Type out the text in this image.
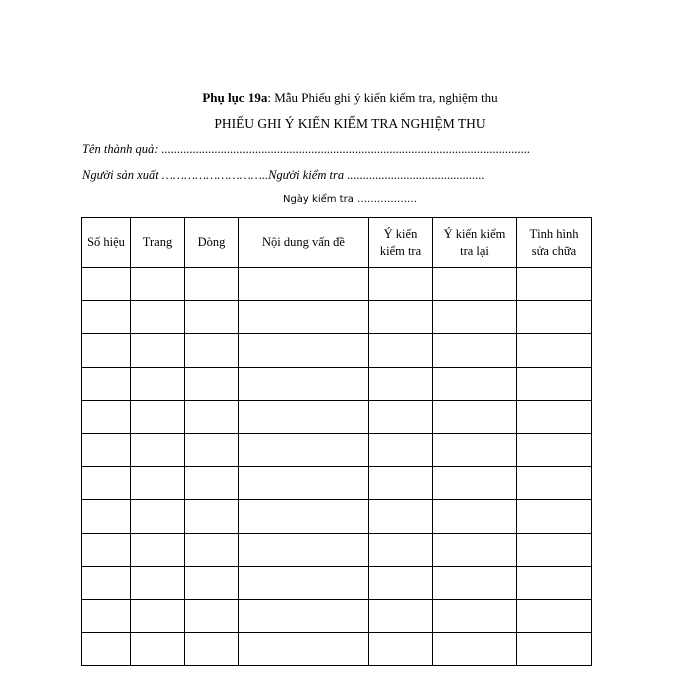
Phụ lục 19a: Mẫu Phiếu ghi ý kiến kiểm tra, nghiệm thu
PHIẾU GHI Ý KIẾN KIỂM TRA NGHIỆM THU
Tên thành quả: ......................................................................................................................
Người sản xuất ………………………..Người kiểm tra ............................................
Ngày kiểm tra ………………
Số hiệu	Trang	Dòng	Nội dung vấn đề	Ý kiến kiểm tra	Ý kiến kiểm tra lại	Tình hình sửa chữa
